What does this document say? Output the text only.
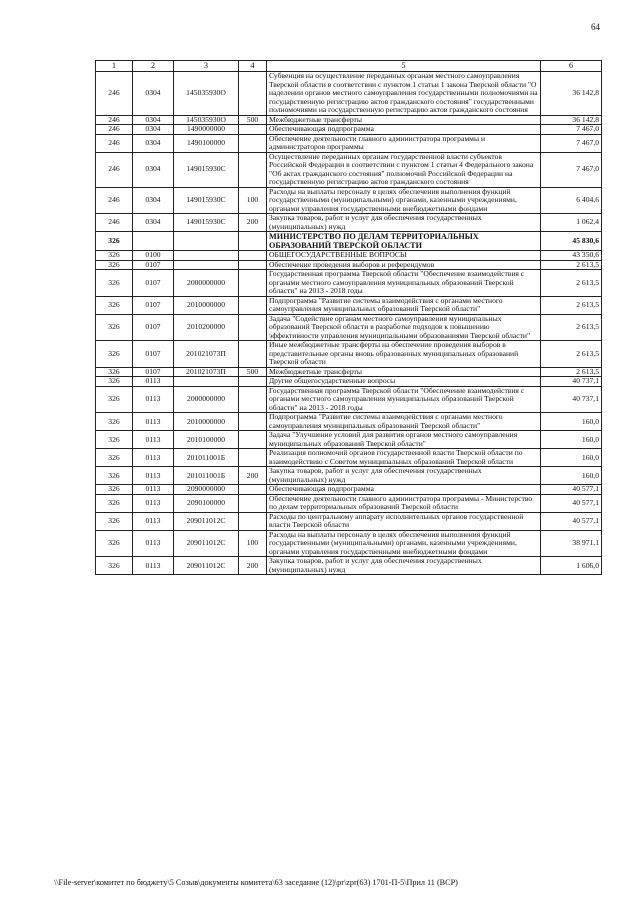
64
1	2	3	4	5	6
246	0304	145035930О		Субвенция на осуществление переданных органам местного самоуправления Тверской области в соответствии с пунктом 1 статьи 1 закона Тверской области "О наделении органов местного самоуправления государственными полномочиями на государственную регистрацию актов гражданского состояния" государственными полномочиями на государственную регистрацию актов гражданского состояния	36 142,8
246	0304	145035930О	500	Межбюджетные трансферты	36 142,8
246	0304	1490000000		Обеспечивающая подпрограмма	7 467,0
246	0304	1490100000		Обеспечение деятельности главного администратора программы и администраторов программы	7 467,0
246	0304	149015930С		Осуществление переданных органам государственной власти субъектов Российской Федерации в соответствии с пунктом 1 статьи 4 Федерального закона "Об актах гражданского состояния" полномочий Российской Федерации на государственную регистрацию актов гражданского состояния	7 467,0
246	0304	149015930С	100	Расходы на выплаты персоналу в целях обеспечения выполнения функций государственными (муниципальными) органами, казенными учреждениями, органами управления государственными внебюджетными фондами	6 404,6
246	0304	149015930С	200	Закупка товаров, работ и услуг для обеспечения государственных (муниципальных) нужд	1 062,4
326				МИНИСТЕРСТВО ПО ДЕЛАМ ТЕРРИТОРИАЛЬНЫХ ОБРАЗОВАНИЙ ТВЕРСКОЙ ОБЛАСТИ	45 830,6
326	0100			ОБЩЕГОСУДАРСТВЕННЫЕ ВОПРОСЫ	43 350,6
326	0107			Обеспечение проведения выборов и референдумов	2 613,5
326	0107	2000000000		Государственная программа Тверской области "Обеспечение взаимодействия с органами местного самоуправления муниципальных образований Тверской области" на 2013 - 2018 годы	2 613,5
326	0107	2010000000		Подпрограмма "Развитие системы взаимодействия с органами местного самоуправления муниципальных образований Тверской области"	2 613,5
326	0107	2010200000		Задача "Содействие органам местного самоуправления муниципальных образований Тверской области в разработке подходов к повышению эффективности управления муниципальными образованиями Тверской области"	2 613,5
326	0107	201021073П		Иные межбюджетные трансферты на обеспечение проведения выборов в представительные органы вновь образованных муниципальных образований Тверской области	2 613,5
326	0107	201021073П	500	Межбюджетные трансферты	2 613,5
326	0113			Другие общегосударственные вопросы	40 737,1
326	0113	2000000000		Государственная программа Тверской области "Обеспечение взаимодействия с органами местного самоуправления муниципальных образований Тверской области" на 2013 - 2018 годы	40 737,1
326	0113	2010000000		Подпрограмма "Развитие системы взаимодействия с органами местного самоуправления муниципальных образований Тверской области"	160,0
326	0113	2010100000		Задача "Улучшение условий для развития органов местного самоуправления муниципальных образований Тверской области"	160,0
326	0113	201011001Б		Реализация полномочий органов государственной власти Тверской области по взаимодействию с Советом муниципальных образований Тверской области	160,0
326	0113	201011001Б	200	Закупка товаров, работ и услуг для обеспечения государственных (муниципальных) нужд	160,0
326	0113	2090000000		Обеспечивающая подпрограмма	40 577,1
326	0113	2090100000		Обеспечение деятельности главного администратора программы - Министерство по делам территориальных образований Тверской области	40 577,1
326	0113	209011012С		Расходы по центральному аппарату исполнительных органов государственной власти Тверской области	40 577,1
326	0113	209011012С	100	Расходы на выплаты персоналу в целях обеспечения выполнения функций государственными (муниципальными) органами, казенными учреждениями, органами управления государственными внебюджетными фондами	38 971,1
326	0113	209011012С	200	Закупка товаров, работ и услуг для обеспечения государственных (муниципальных) нужд	1 606,0
\\File-server\комитет по бюджету\5 Созыв\документы комитета\63 заседание (12)\pr\zpr(63) 1701-П-5\Прил 11 (ВСР)
